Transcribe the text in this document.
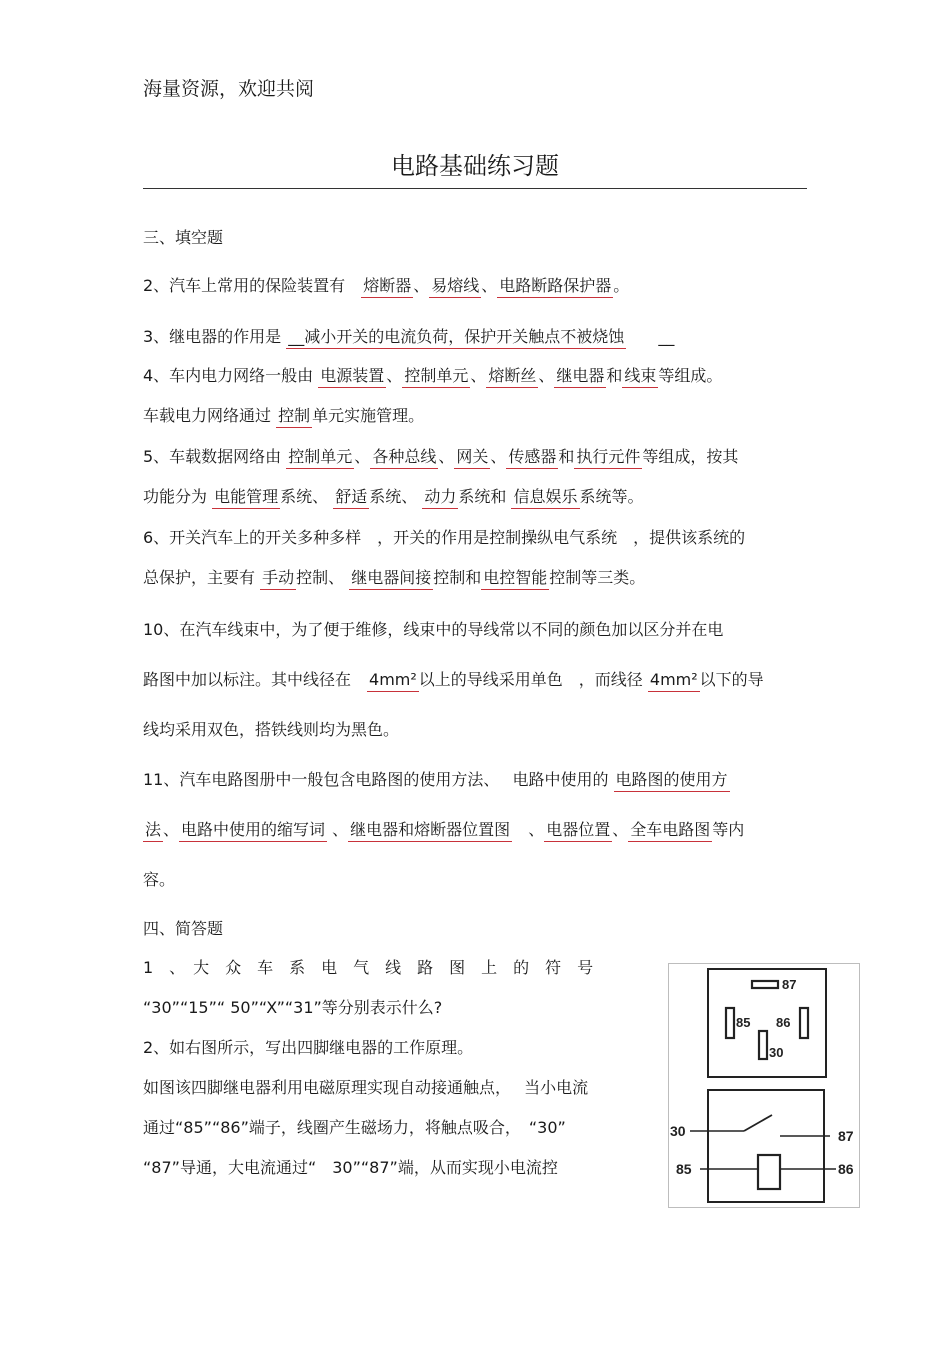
海量资源，欢迎共阅
电路基础练习题
三、填空题
2、汽车上常用的保险装置有　 熔断器 、 易熔线 、 电路断路保护器 。
3、继电器的作用是 __减小开关的电流负荷，保护开关触点不被烧蚀　　 __
4、车内电力网络一般由 电源装置 、 控制单元 、 熔断丝 、 继电器 和 线束 等组成。
车载电力网络通过 控制 单元实施管理。
5、车载数据网络由 控制单元 、 各种总线 、 网关 、 传感器 和 执行元件 等组成，按其
功能分为 电能管理 系统、 舒适 系统、 动力 系统和 信息娱乐 系统等。
6、开关汽车上的开关多种多样　，开关的作用是控制操纵电气系统　，提供该系统的
总保护，主要有 手动 控制、 继电器间接 控制和 电控智能 控制等三类。
10、在汽车线束中，为了便于维修，线束中的导线常以不同的颜色加以区分并在电
路图中加以标注。其中线径在　 4mm² 以上的导线采用单色　，而线径 4mm² 以下的导
线均采用双色，搭铁线则均为黑色。
11、汽车电路图册中一般包含电路图的使用方法、　 电路中使用的 电路图的使用方
法 、 电路中使用的缩写词 、 继电器和熔断器位置图　 、 电器位置 、 全车电路图 等内
容。
四、简答题
1　、　大　众　车　系　电　气　线　路　图　上　的　符　号
“30”“15”“ 50”“X”“31”等分别表示什么?
2、如右图所示，写出四脚继电器的工作原理。
如图该四脚继电器利用电磁原理实现自动接通触点，　 当小电流
通过“85”“86”端子，线圈产生磁场力，将触点吸合，　“30”
“87”导通，大电流通过“　30”“87”端，从而实现小电流控
87
85 86
30
30	87
85	86
